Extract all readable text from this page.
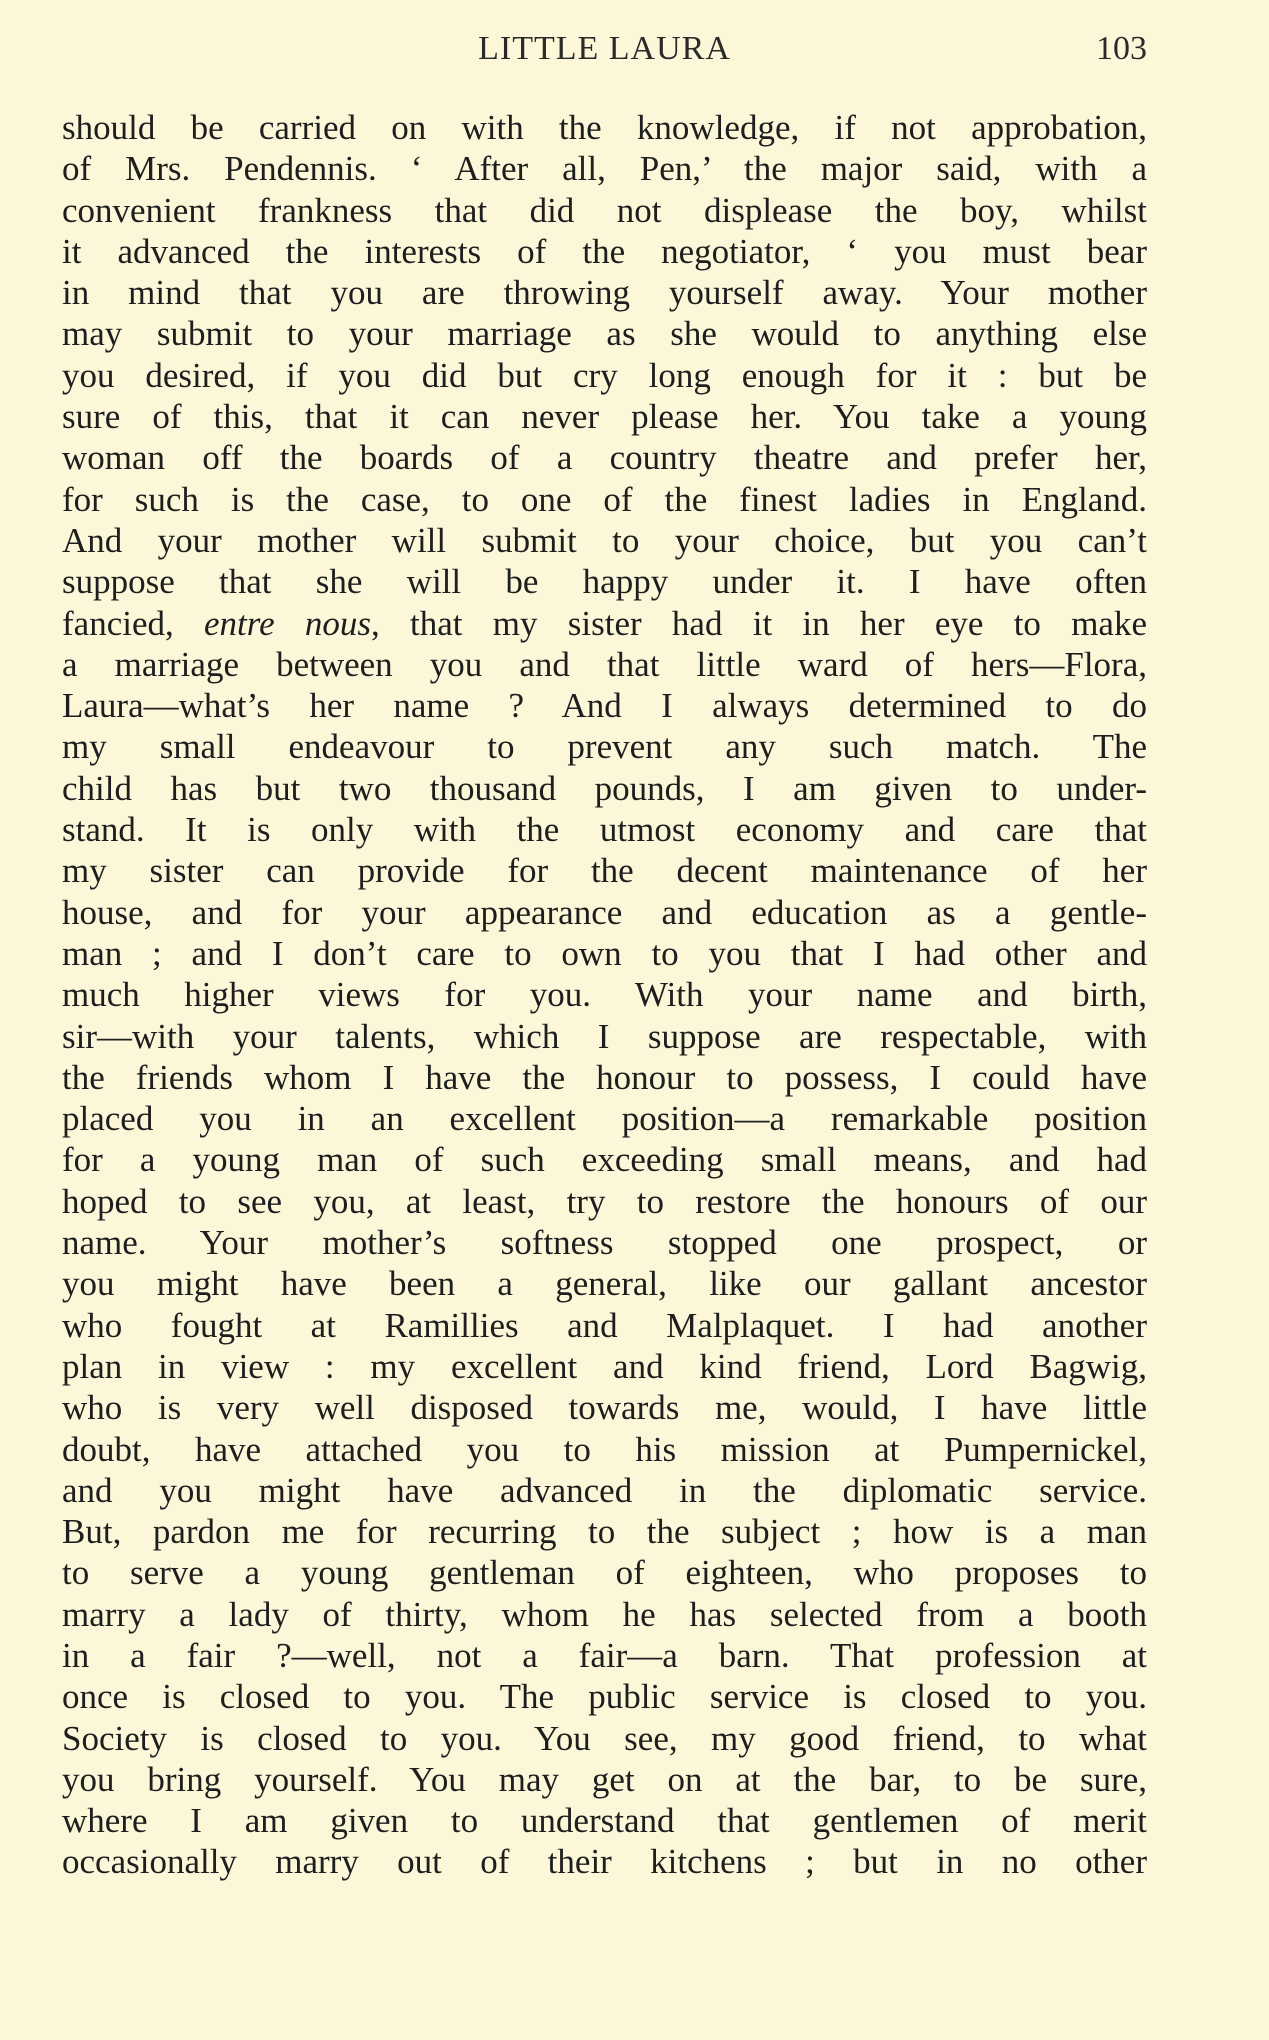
LITTLE LAURA	103
should be carried on with the knowledge, if not approbation,
of Mrs. Pendennis. ‘ After all, Pen,’ the major said, with a
convenient frankness that did not displease the boy, whilst
it advanced the interests of the negotiator, ‘ you must bear
in mind that you are throwing yourself away. Your mother
may submit to your marriage as she would to anything else
you desired, if you did but cry long enough for it : but be
sure of this, that it can never please her. You take a young
woman off the boards of a country theatre and prefer her,
for such is the case, to one of the finest ladies in England.
And your mother will submit to your choice, but you can’t
suppose that she will be happy under it. I have often
fancied, entre nous, that my sister had it in her eye to make
a marriage between you and that little ward of hers—Flora,
Laura—what’s her name ? And I always determined to do
my small endeavour to prevent any such match. The
child has but two thousand pounds, I am given to under-
stand. It is only with the utmost economy and care that
my sister can provide for the decent maintenance of her
house, and for your appearance and education as a gentle-
man ; and I don’t care to own to you that I had other and
much higher views for you. With your name and birth,
sir—with your talents, which I suppose are respectable, with
the friends whom I have the honour to possess, I could have
placed you in an excellent position—a remarkable position
for a young man of such exceeding small means, and had
hoped to see you, at least, try to restore the honours of our
name. Your mother’s softness stopped one prospect, or
you might have been a general, like our gallant ancestor
who fought at Ramillies and Malplaquet. I had another
plan in view : my excellent and kind friend, Lord Bagwig,
who is very well disposed towards me, would, I have little
doubt, have attached you to his mission at Pumpernickel,
and you might have advanced in the diplomatic service.
But, pardon me for recurring to the subject ; how is a man
to serve a young gentleman of eighteen, who proposes to
marry a lady of thirty, whom he has selected from a booth
in a fair ?—well, not a fair—a barn. That profession at
once is closed to you. The public service is closed to you.
Society is closed to you. You see, my good friend, to what
you bring yourself. You may get on at the bar, to be sure,
where I am given to understand that gentlemen of merit
occasionally marry out of their kitchens ; but in no other
